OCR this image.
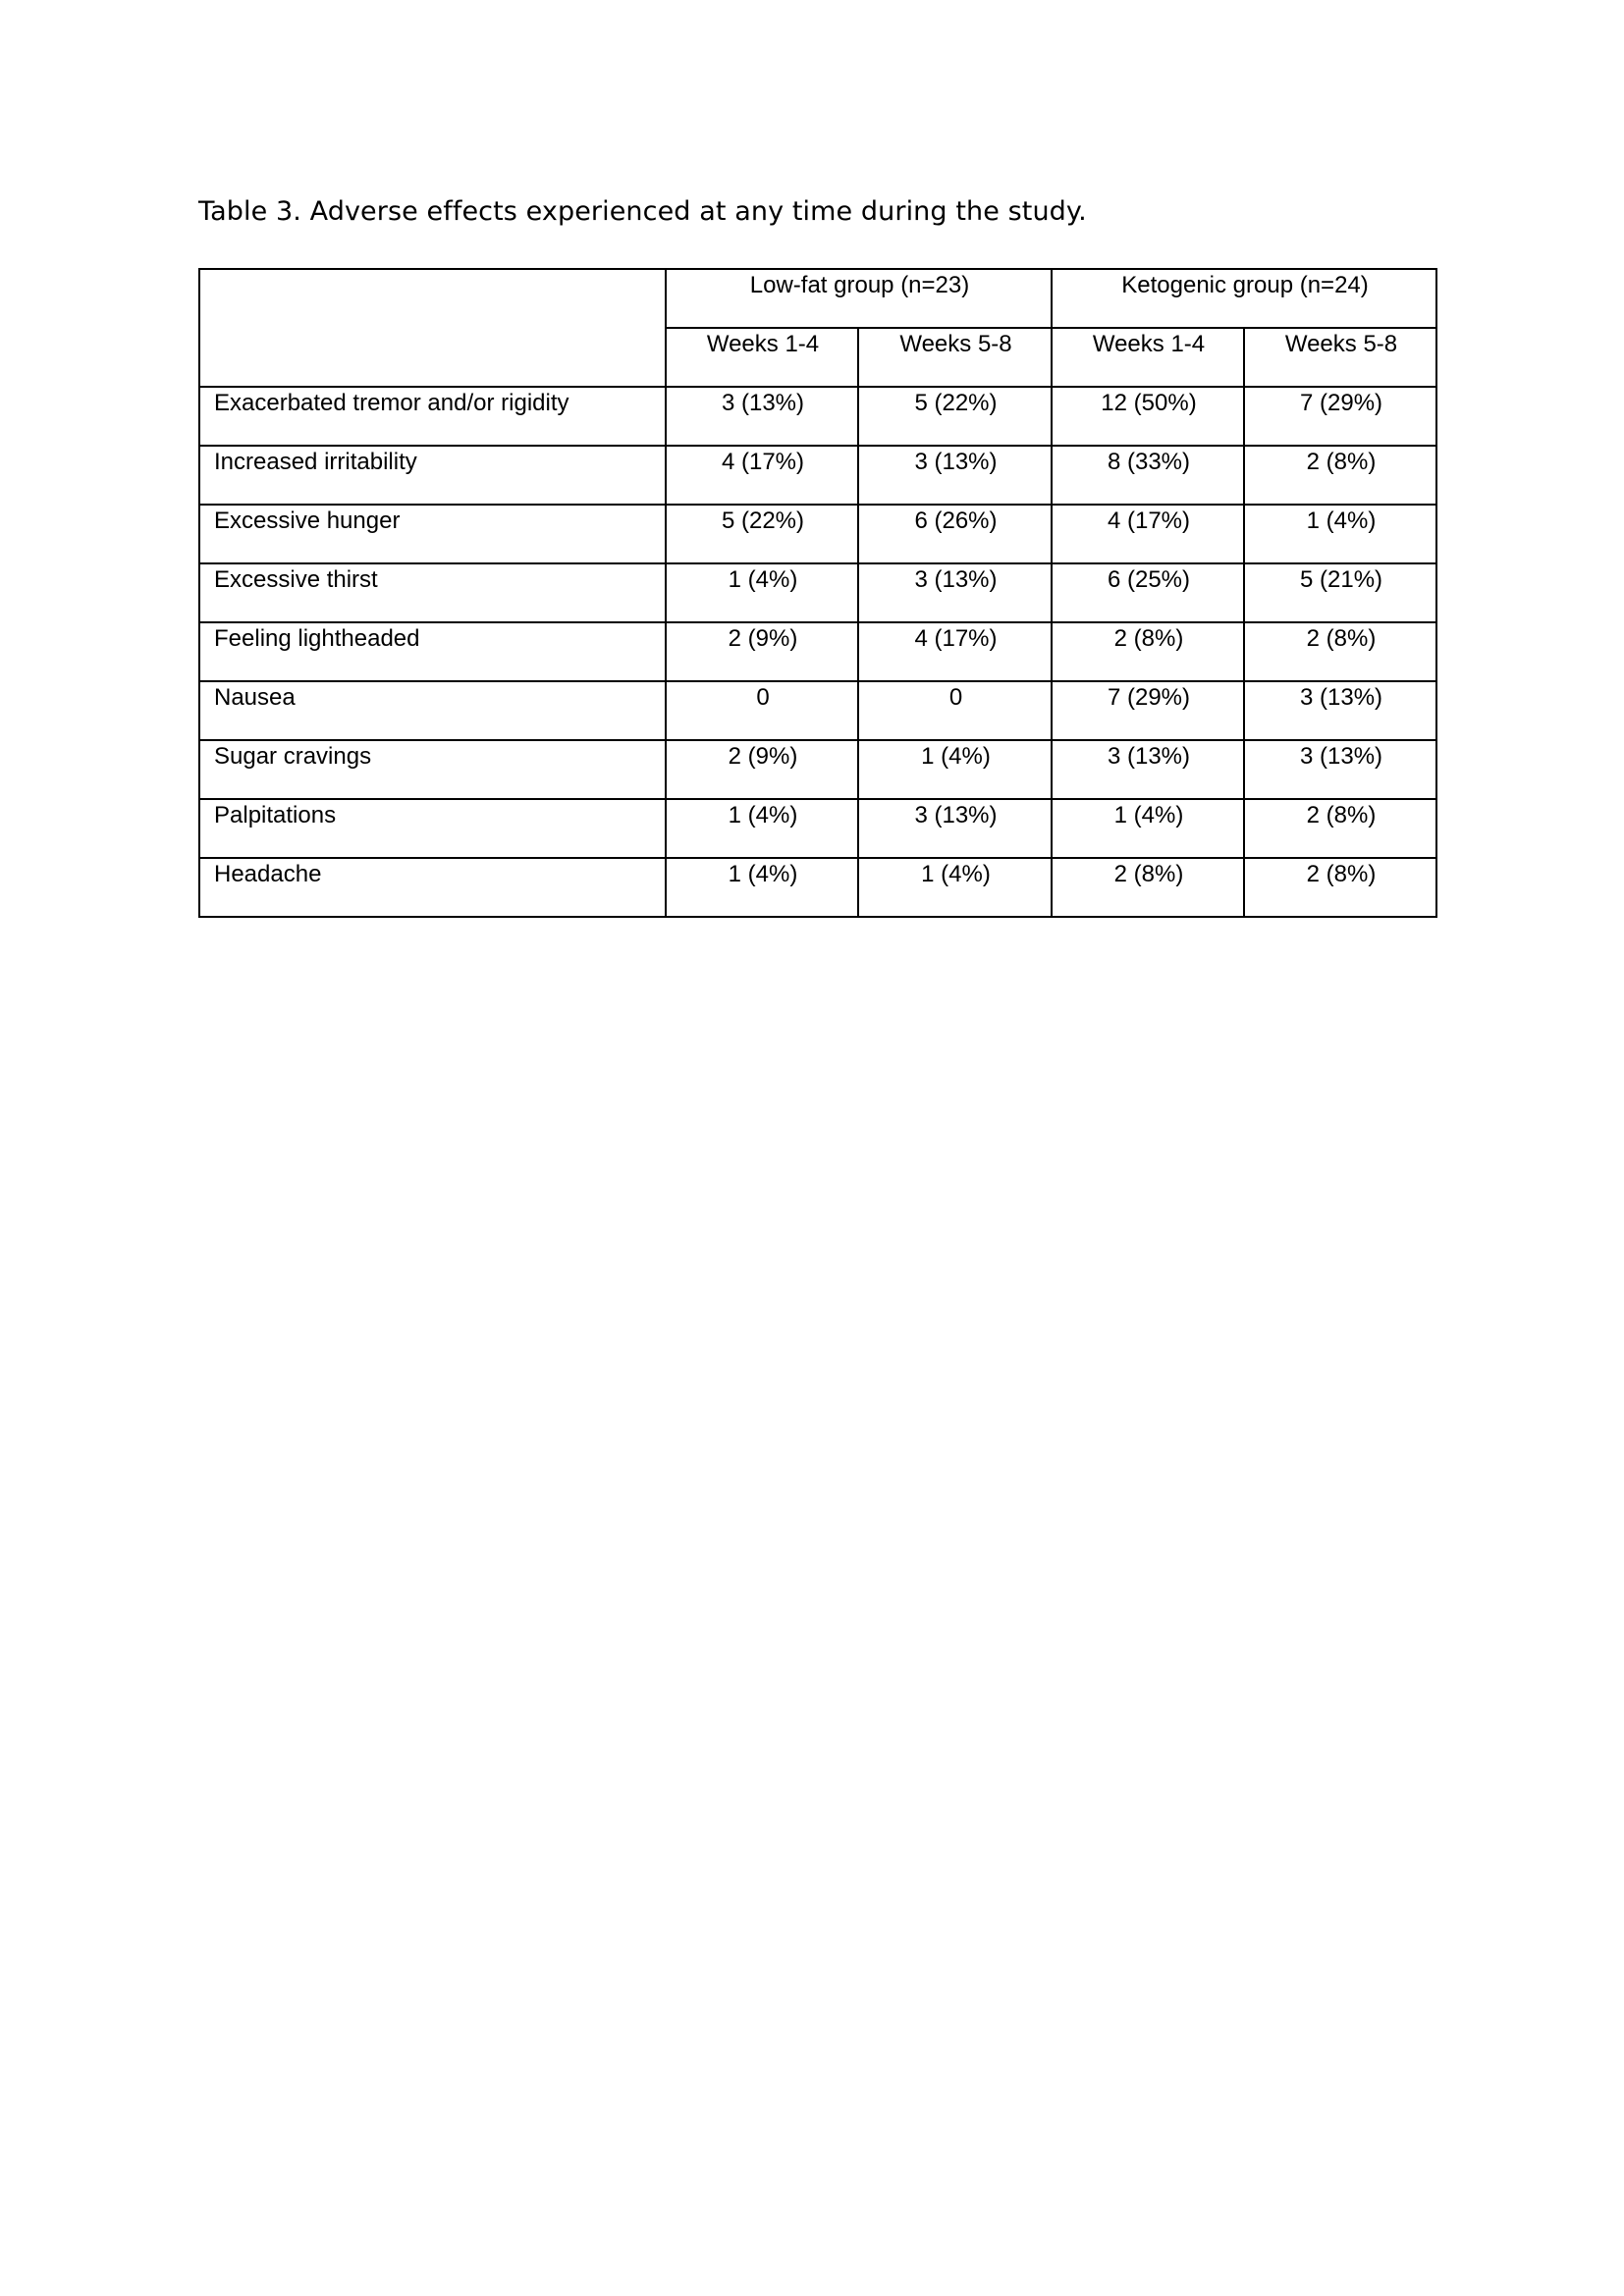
Table 3. Adverse effects experienced at any time during the study.

	Low-fat group (n=23)		Ketogenic group (n=24)	
	Weeks 1-4	Weeks 5-8	Weeks 1-4	Weeks 5-8
Exacerbated tremor and/or rigidity	3 (13%)	5 (22%)	12 (50%)	7 (29%)
Increased irritability	4 (17%)	3 (13%)	8 (33%)	2 (8%)
Excessive hunger	5 (22%)	6 (26%)	4 (17%)	1 (4%)
Excessive thirst	1 (4%)	3 (13%)	6 (25%)	5 (21%)
Feeling lightheaded	2 (9%)	4 (17%)	2 (8%)	2 (8%)
Nausea	0	0	7 (29%)	3 (13%)
Sugar cravings	2 (9%)	1 (4%)	3 (13%)	3 (13%)
Palpitations	1 (4%)	3 (13%)	1 (4%)	2 (8%)
Headache	1 (4%)	1 (4%)	2 (8%)	2 (8%)
